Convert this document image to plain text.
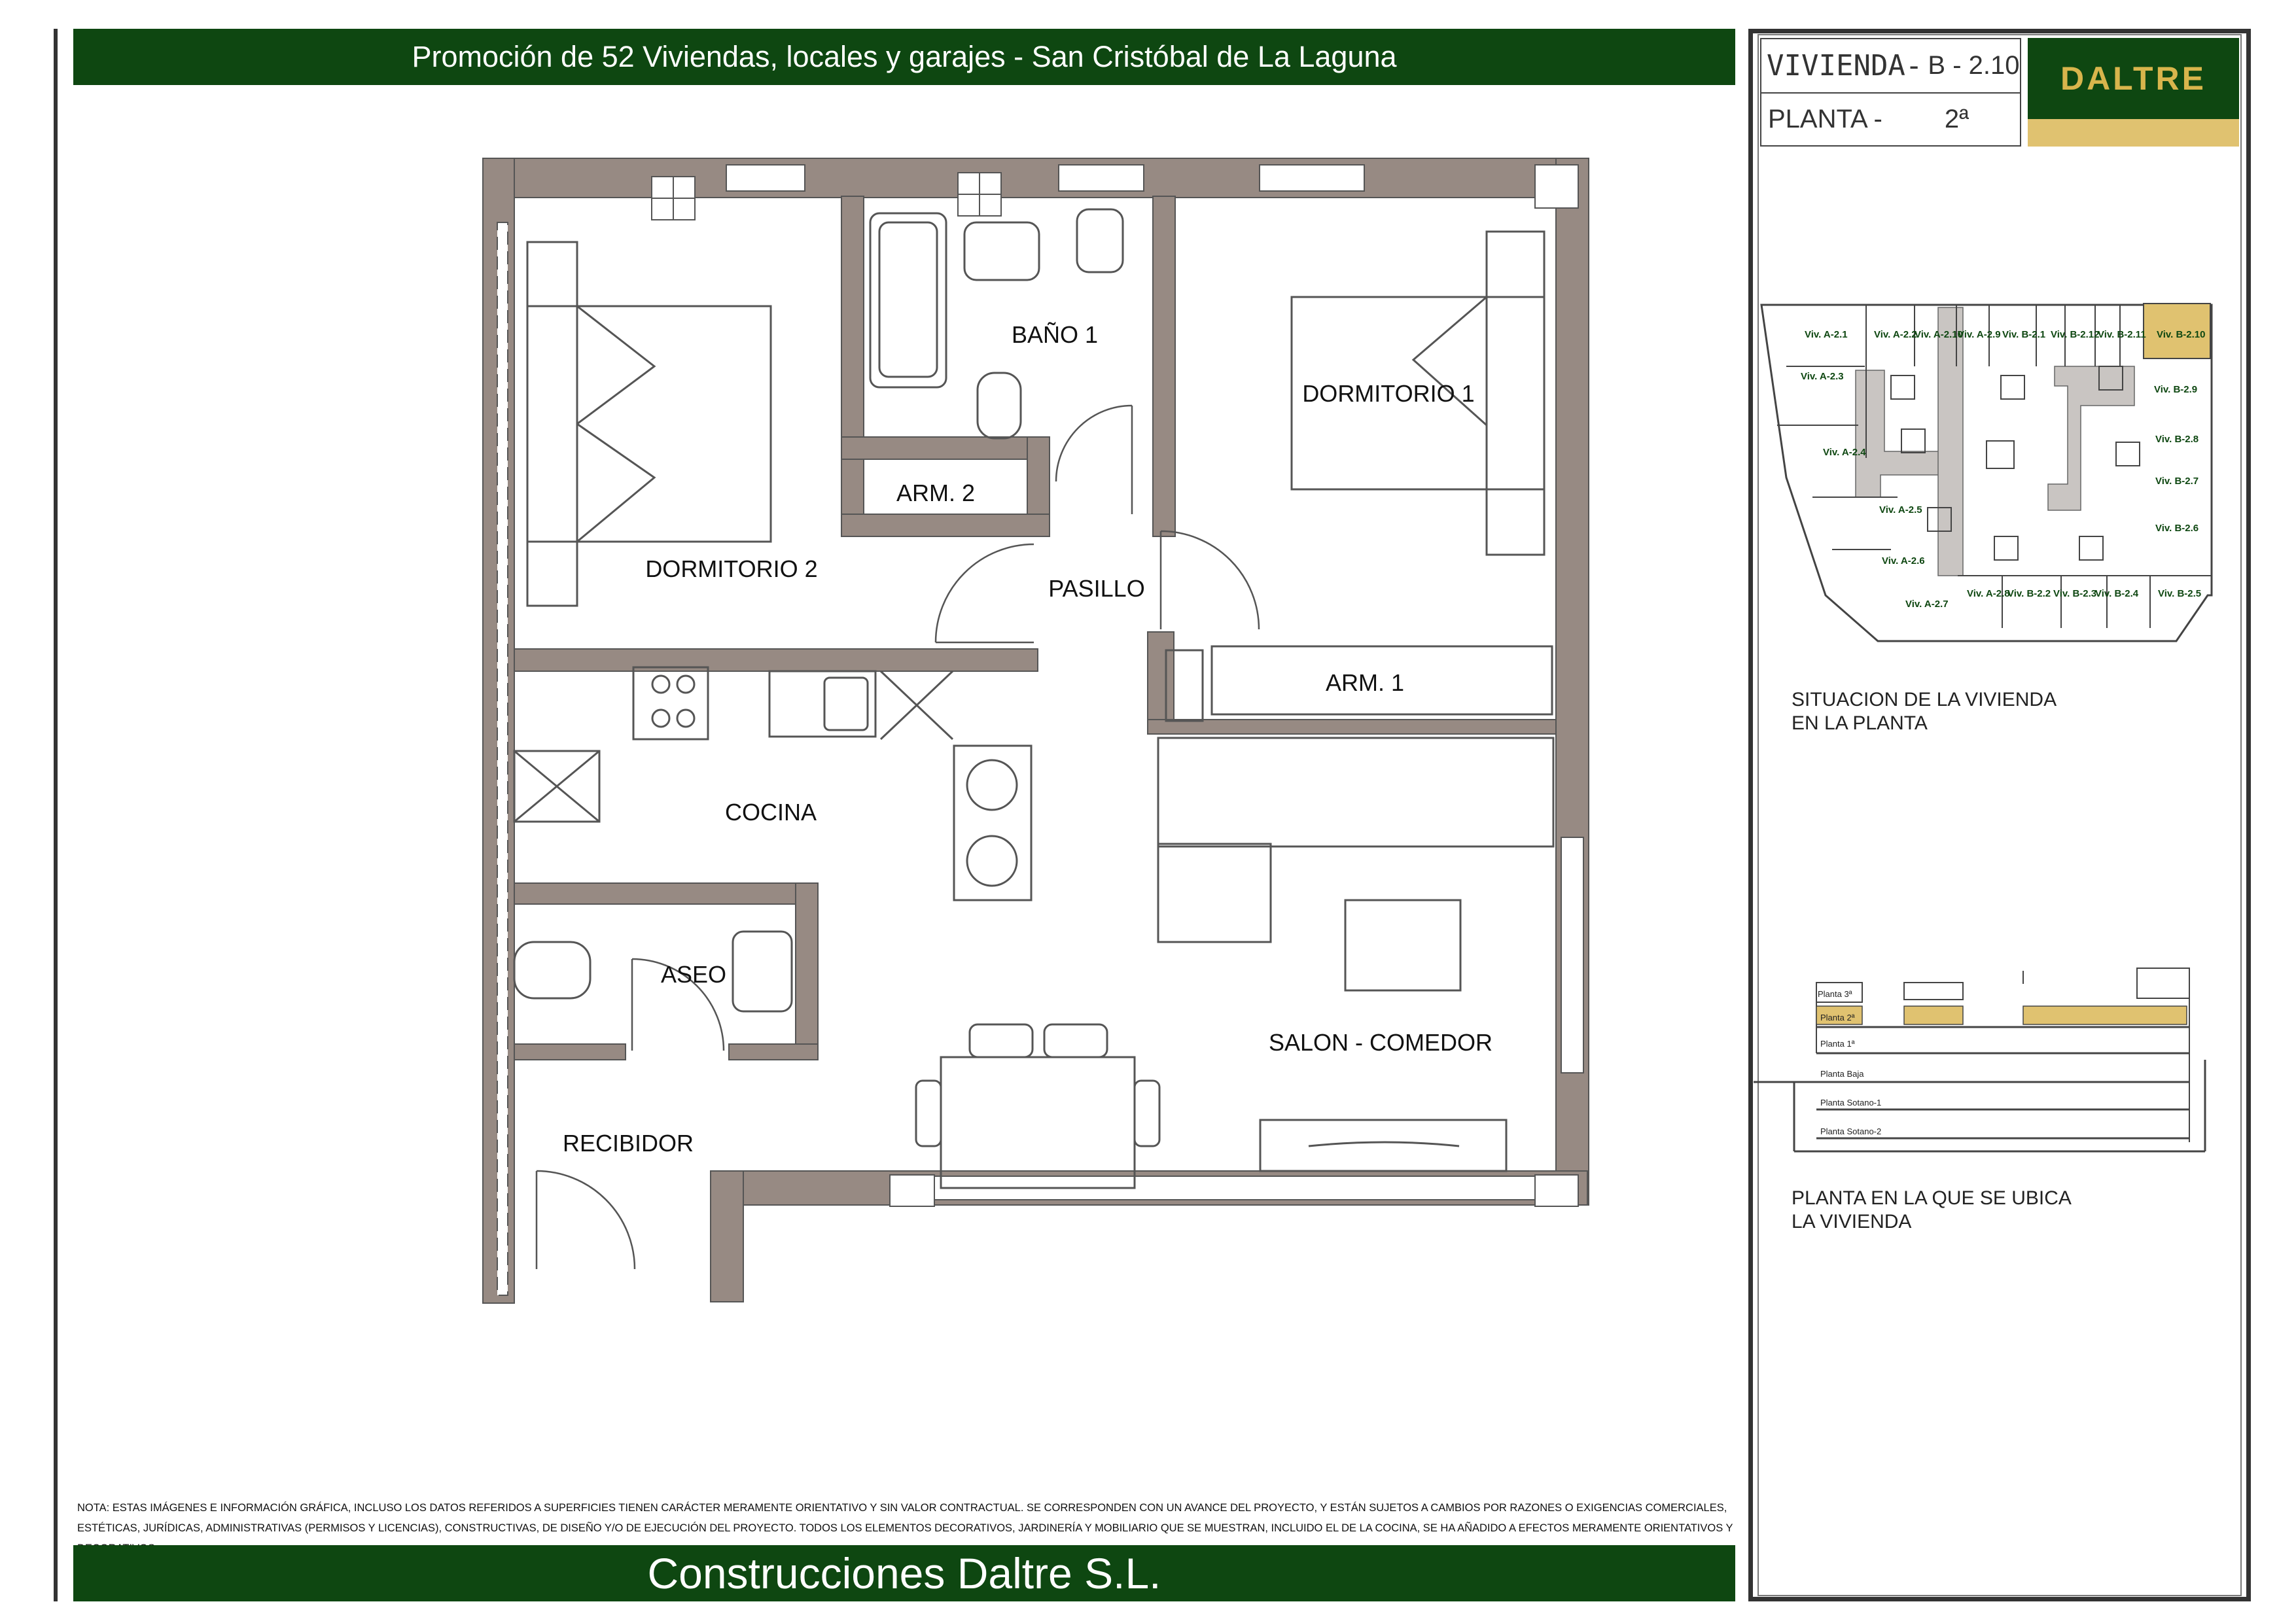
Promoción de 52 Viviendas, locales y garajes - San Cristóbal de La Laguna
NOTA: ESTAS IMÁGENES E INFORMACIÓN GRÁFICA, INCLUSO LOS DATOS REFERIDOS A SUPERFICIES TIENEN CARÁCTER MERAMENTE ORIENTATIVO Y SIN VALOR CONTRACTUAL. SE CORRESPONDEN CON UN AVANCE DEL PROYECTO, Y ESTÁN SUJETOS A CAMBIOS POR RAZONES O EXIGENCIAS COMERCIALES, ESTÉTICAS, JURÍDICAS, ADMINISTRATIVAS (PERMISOS Y LICENCIAS), CONSTRUCTIVAS, DE DISEÑO Y/O DE EJECUCIÓN DEL PROYECTO. TODOS LOS ELEMENTOS DECORATIVOS, JARDINERÍA Y MOBILIARIO QUE SE MUESTRAN, INCLUIDO EL DE LA COCINA, SE HA AÑADIDO A EFECTOS MERAMENTE ORIENTATIVOS Y
Construcciones Daltre S.L.
VIVIENDA- B - 2.10
PLANTA - 2ª
DALTRE
BAÑO 1
DORMITORIO 1
DORMITORIO 2
ARM. 2
PASILLO
ARM. 1
COCINA
ASEO
SALON - COMEDOR
RECIBIDOR
Viv. A-2.1	Viv. A-2.2
Viv. A-2.10
Viv. A-2.9 Viv. B-2.1 Viv. B-2.12
Viv. B-2.11 Viv. B-2.10
Viv. A-2.3
Viv. B-2.9
Viv. A-2.4
Viv. B-2.8
Viv. B-2.7
Viv. A-2.5
Viv. B-2.6
Viv. A-2.6
Viv. A-2.7
Viv. A-2.8
Viv. B-2.2 Viv. B-2.3
Viv. B-2.4 Viv. B-2.5
SITUACION DE LA VIVIENDA
EN LA PLANTA
Planta 3ª
Planta 2ª
Planta 1ª
Planta Baja
Planta Sotano-1
Planta Sotano-2
PLANTA EN LA QUE SE UBICA
LA VIVIENDA
